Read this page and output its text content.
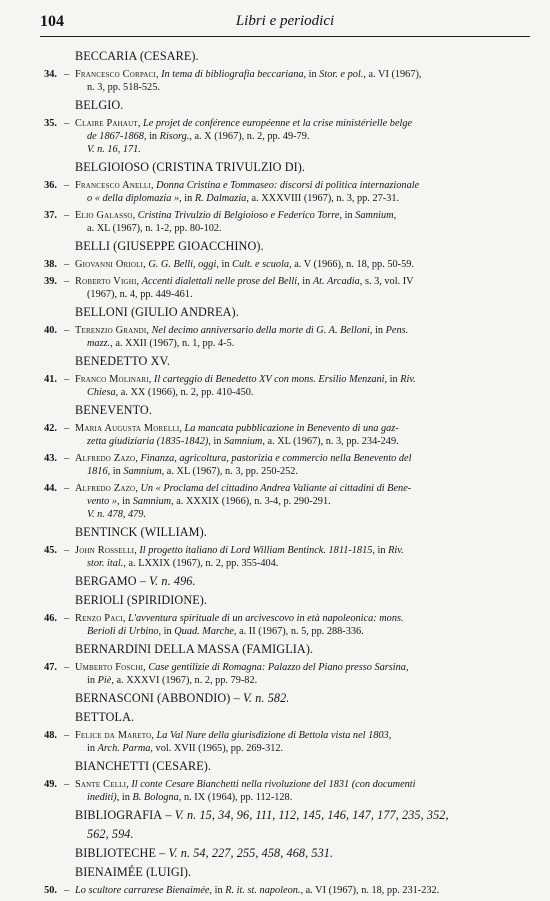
104	Libri e periodici
BECCARIA (CESARE).
34. – Francesco Corpaci, In tema di bibliografia beccariana, in Stor. e pol., a. VI (1967),
n. 3, pp. 518-525.
BELGIO.
35. – Claire Pahaut, Le projet de conférence européenne et la crise ministérielle belge
de 1867-1868, in Risorg., a. X (1967), n. 2, pp. 49-79.
V. n. 16, 171.
BELGIOIOSO (CRISTINA TRIVULZIO DI).
36. – Francesco Anelli, Donna Cristina e Tommaseo: discorsi di politica internazionale
o « della diplomazia », in R. Dalmazia, a. XXXVIII (1967), n. 3, pp. 27-31.
37. – Elio Galasso, Cristina Trivulzio di Belgioioso e Federico Torre, in Samnium,
a. XL (1967), n. 1-2, pp. 80-102.
BELLI (GIUSEPPE GIOACCHINO).
38. – Giovanni Orioli, G. G. Belli, oggi, in Cult. e scuola, a. V (1966), n. 18, pp. 50-59.
39. – Roberto Vighi, Accenti dialettali nelle prose del Belli, in At. Arcadia, s. 3, vol. IV
(1967), n. 4, pp. 449-461.
BELLONI (GIULIO ANDREA).
40. – Terenzio Grandi, Nel decimo anniversario della morte di G. A. Belloni, in Pens.
mazz., a. XXII (1967), n. 1, pp. 4-5.
BENEDETTO XV.
41. – Franco Molinari, Il carteggio di Benedetto XV con mons. Ersilio Menzani, in Riv.
Chiesa, a. XX (1966), n. 2, pp. 410-450.
BENEVENTO.
42. – Maria Augusta Morelli, La mancata pubblicazione in Benevento di una gaz-
zetta giudiziaria (1835-1842), in Samnium, a. XL (1967), n. 3, pp. 234-249.
43. – Alfredo Zazo, Finanza, agricoltura, pastorizia e commercio nella Benevento del
1816, in Samnium, a. XL (1967), n. 3, pp. 250-252.
44. – Alfredo Zazo, Un « Proclama del cittadino Andrea Valiante ai cittadini di Bene-
vento », in Samnium, a. XXXIX (1966), n. 3-4, p. 290-291.
V. n. 478, 479.
BENTINCK (WILLIAM).
45. – John Rosselli, Il progetto italiano di Lord William Bentinck. 1811-1815, in Riv.
stor. ital., a. LXXIX (1967), n. 2, pp. 355-404.
BERGAMO – V. n. 496.
BERIOLI (SPIRIDIONE).
46. – Renzo Paci, L'avventura spirituale di un arcivescovo in età napoleonica: mons.
Berioli di Urbino, in Quad. Marche, a. II (1967), n. 5, pp. 288-336.
BERNARDINI DELLA MASSA (FAMIGLIA).
47. – Umberto Foschi, Case gentilizie di Romagna: Palazzo del Piano presso Sarsina,
in Piè, a. XXXVI (1967), n. 2, pp. 79-82.
BERNASCONI (ABBONDIO) – V. n. 582.
BETTOLA.
48. – Felice da Mareto, La Val Nure della giurisdizione di Bettola vista nel 1803,
in Arch. Parma, vol. XVII (1965), pp. 269-312.
BIANCHETTI (CESARE).
49. – Sante Celli, Il conte Cesare Bianchetti nella rivoluzione del 1831 (con documenti
inediti), in B. Bologna, n. IX (1964), pp. 112-128.
BIBLIOGRAFIA – V. n. 15, 34, 96, 111, 112, 145, 146, 147, 177, 235, 352,
562, 594.
BIBLIOTECHE – V. n. 54, 227, 255, 458, 468, 531.
BIENAIMÉE (LUIGI).
50. – Lo scultore carrarese Bienaimée, in R. it. st. napoleon., a. VI (1967), n. 18, pp. 231-232.
